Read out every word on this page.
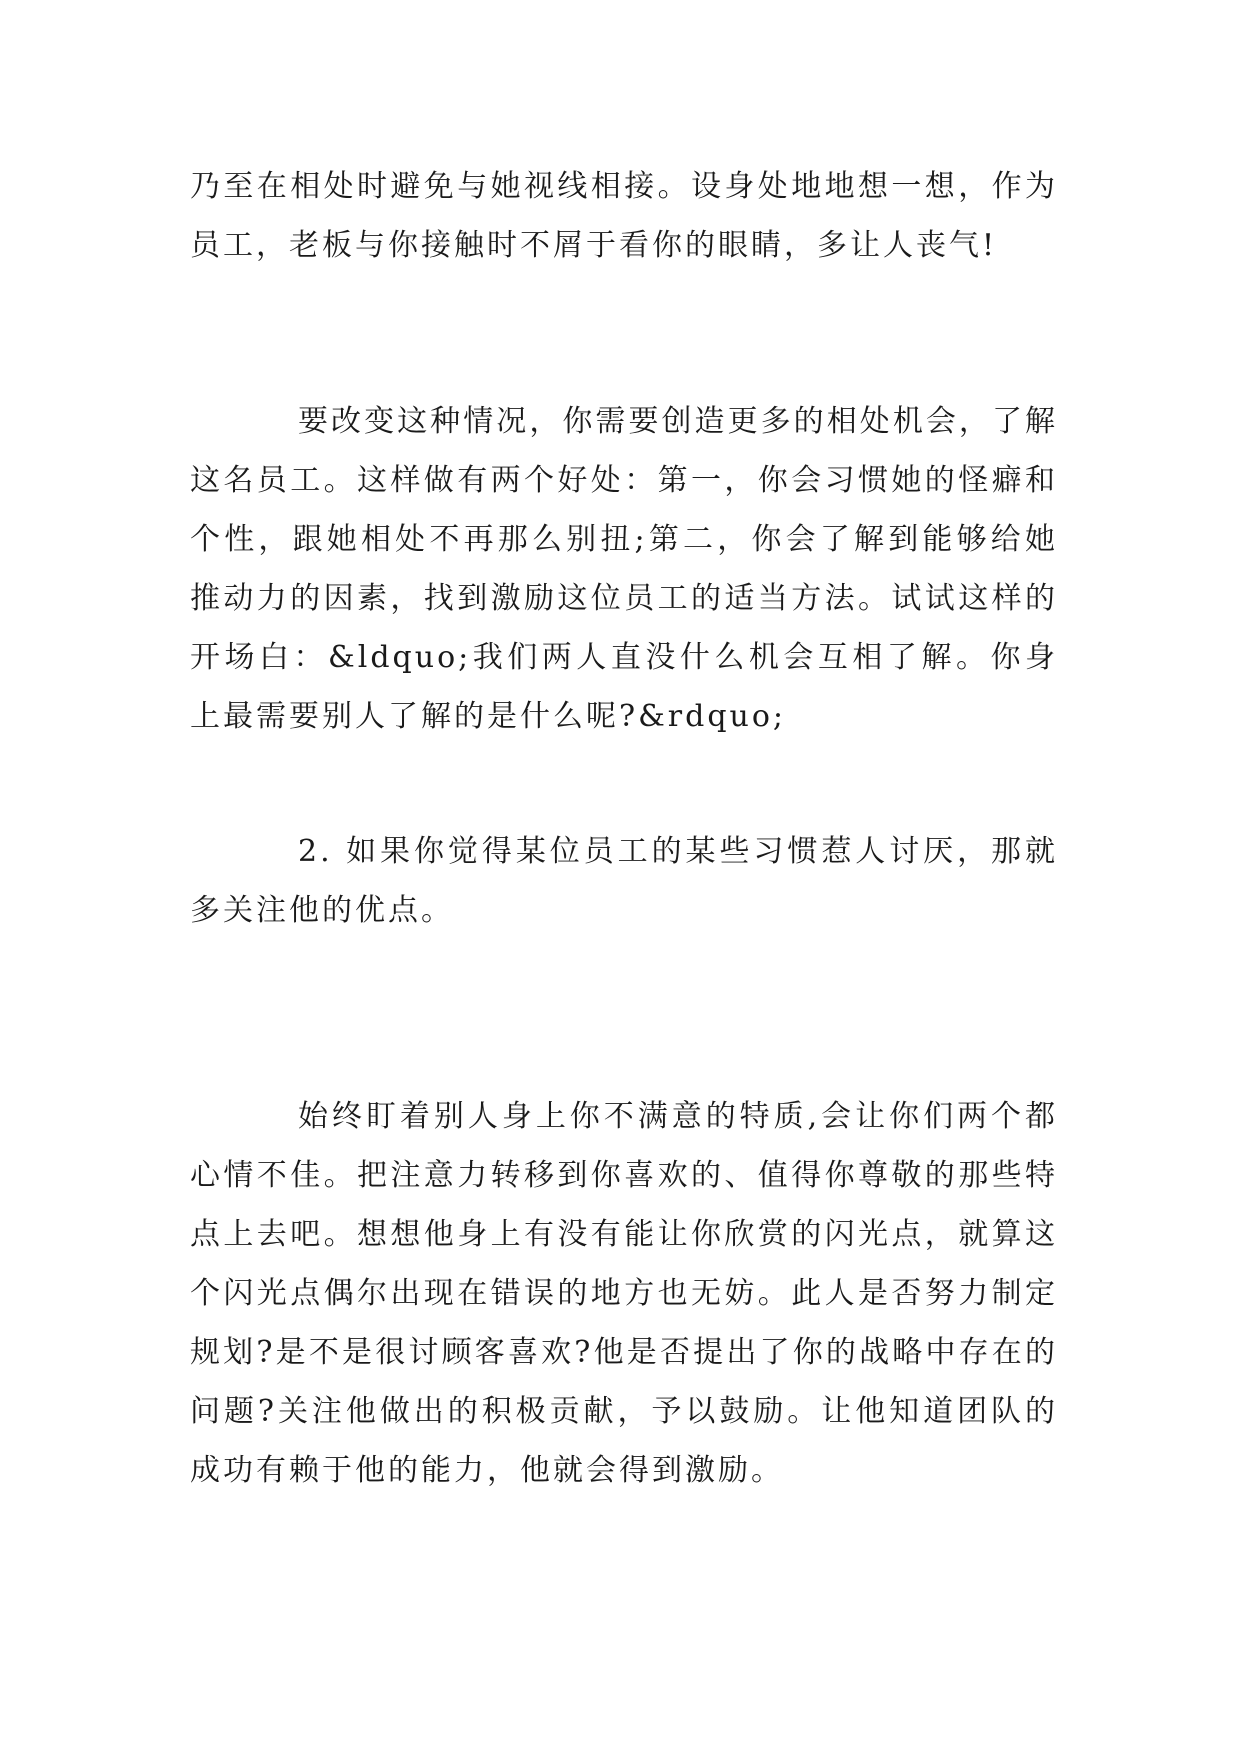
乃至在相处时避免与她视线相接。设身处地地想一想，作为员工，老板与你接触时不屑于看你的眼睛，多让人丧气!

要改变这种情况，你需要创造更多的相处机会，了解这名员工。这样做有两个好处：第一，你会习惯她的怪癖和个性，跟她相处不再那么别扭;第二，你会了解到能够给她推动力的因素，找到激励这位员工的适当方法。试试这样的开场白：&ldquo;我们两人直没什么机会互相了解。你身上最需要别人了解的是什么呢?&rdquo;

2. 如果你觉得某位员工的某些习惯惹人讨厌，那就多关注他的优点。

始终盯着别人身上你不满意的特质,会让你们两个都心情不佳。把注意力转移到你喜欢的、值得你尊敬的那些特点上去吧。想想他身上有没有能让你欣赏的闪光点，就算这个闪光点偶尔出现在错误的地方也无妨。此人是否努力制定规划?是不是很讨顾客喜欢?他是否提出了你的战略中存在的问题?关注他做出的积极贡献，予以鼓励。让他知道团队的成功有赖于他的能力，他就会得到激励。
